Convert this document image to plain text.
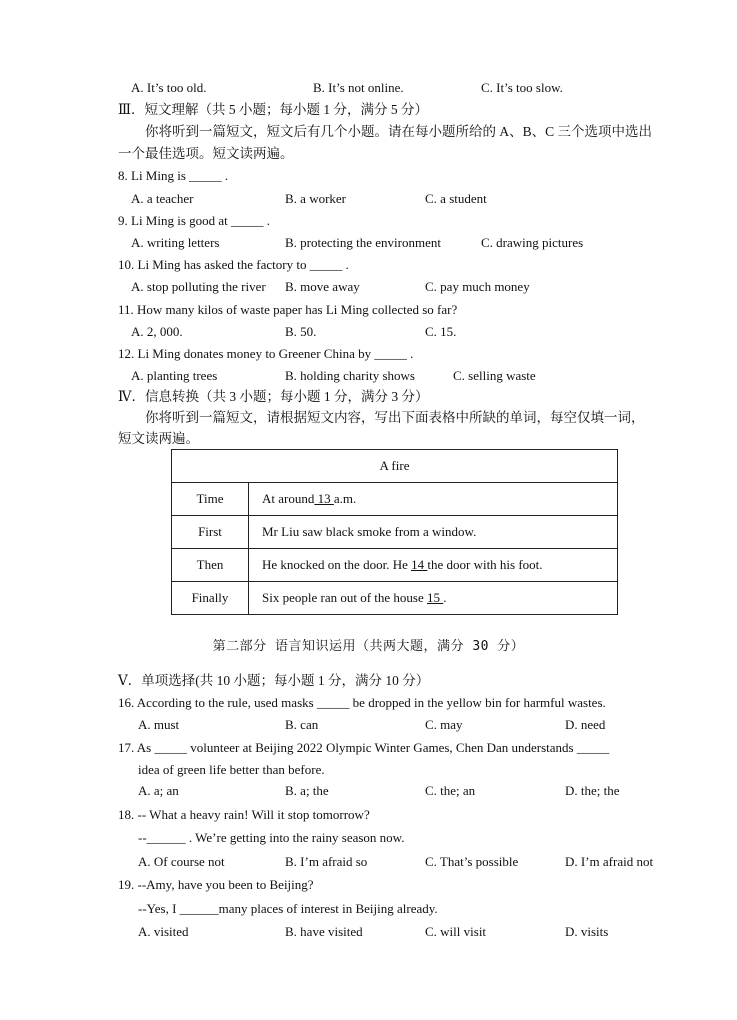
A. It’s too old.	B. It’s not online.	C. It’s too slow.
Ⅲ．短文理解（共 5 小题；每小题 1 分，满分 5 分）
你将听到一篇短文，短文后有几个小题。请在每小题所给的 A、B、C 三个选项中选出
一个最佳选项。短文读两遍。
8. Li Ming is _____ .
A. a teacher	B. a worker	C. a student
9. Li Ming is good at _____ .
A. writing letters	B. protecting the environment	C. drawing pictures
10. Li Ming has asked the factory to _____ .
A. stop polluting the river B. move away	C. pay much money
11. How many kilos of waste paper has Li Ming collected so far?
A. 2, 000.	B. 50.	C. 15.
12. Li Ming donates money to Greener China by _____ .
A. planting trees	B. holding charity shows	C. selling waste
Ⅳ．信息转换（共 3 小题；每小题 1 分，满分 3 分）
你将听到一篇短文，请根据短文内容，写出下面表格中所缺的单词，每空仅填一词，
短文读两遍。
A fire	
Time	At around 13 a.m.
First	Mr Liu saw black smoke from a window.
Then	He knocked on the door. He 14 the door with his foot.
Finally	Six people ran out of the house 15 .
第二部分 语言知识运用（共两大题，满分 30 分）
Ⅴ．单项选择(共 10 小题；每小题 1 分，满分 10 分）
16. According to the rule, used masks _____ be dropped in the yellow bin for harmful wastes.
A. must	B. can	C. may	D. need
17. As _____ volunteer at Beijing 2022 Olympic Winter Games, Chen Dan understands _____
idea of green life better than before.
A. a; an	B. a; the	C. the; an	D. the; the
18. -- What a heavy rain! Will it stop tomorrow?
--______ . We’re getting into the rainy season now.
A. Of course not	B. I’m afraid so	C. That’s possible	D. I’m afraid not
19. --Amy, have you been to Beijing?
--Yes, I ______many places of interest in Beijing already.
A. visited	B. have visited	C. will visit	D. visits
